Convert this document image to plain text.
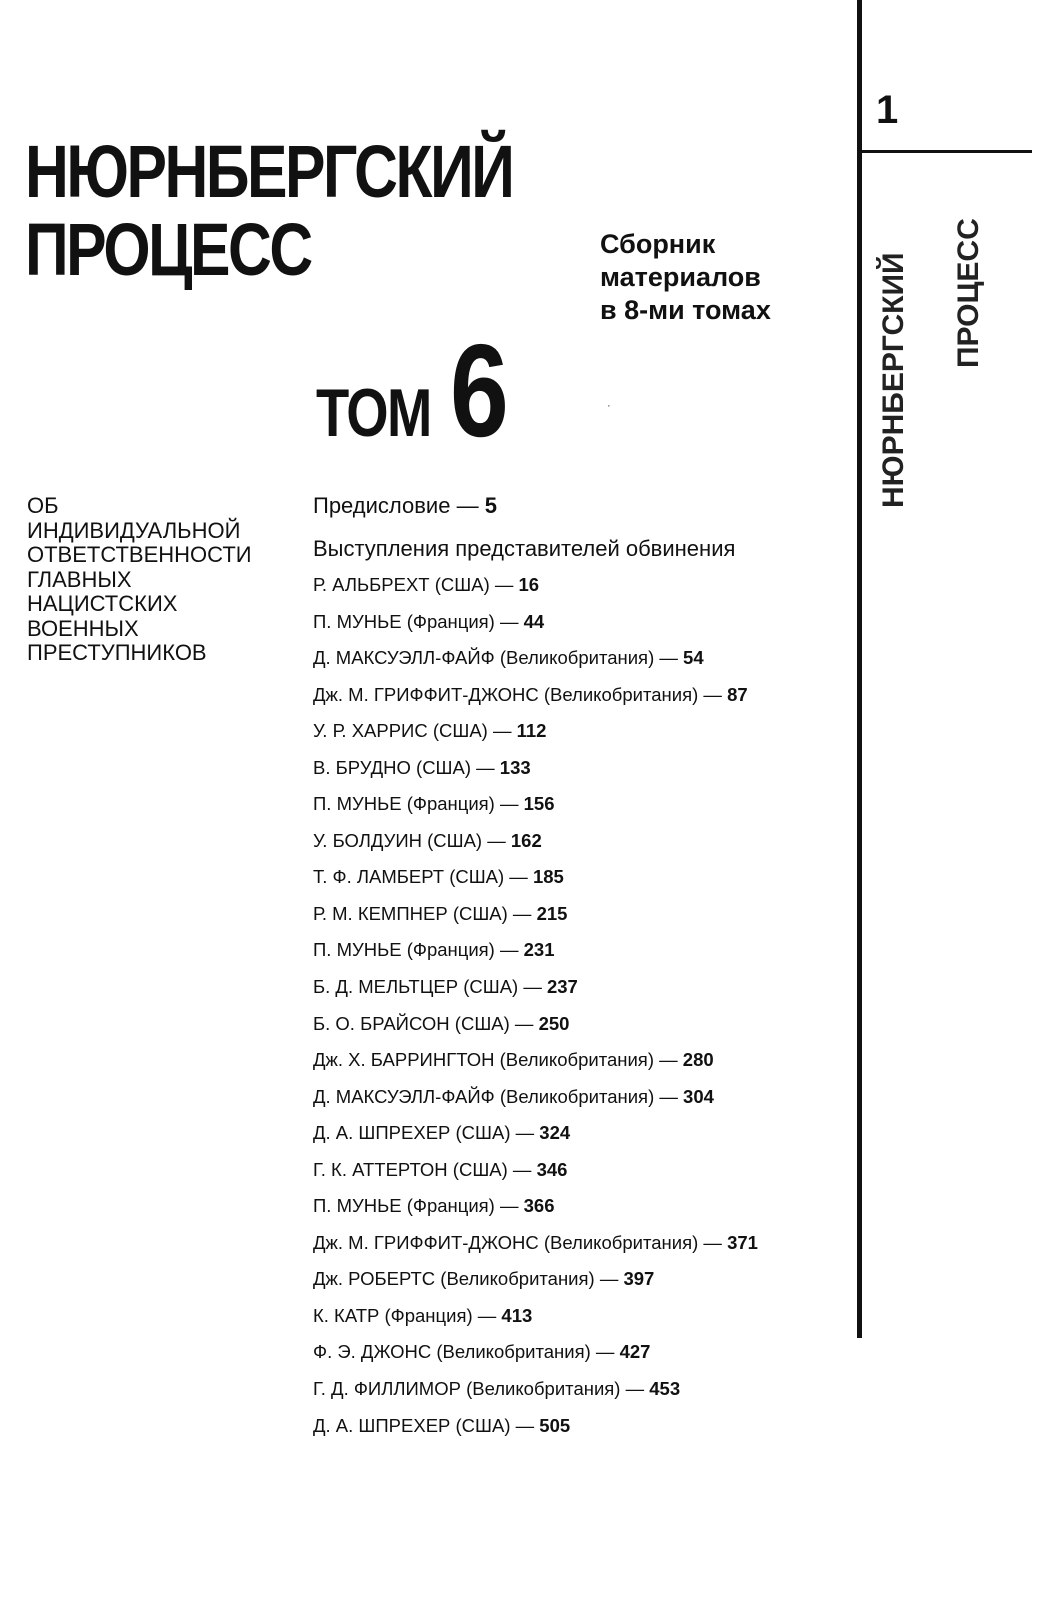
НЮРНБЕРГСКИЙ
ПРОЦЕСС	Сборник
материалов
в 8-ми томах
ТОМ 6	·
ОБ
ИНДИВИДУАЛЬНОЙ
ОТВЕТСТВЕННОСТИ
ГЛАВНЫХ
НАЦИСТСКИХ
ВОЕННЫХ
ПРЕСТУПНИКОВ
Предисловие — 5
Выступления представителей обвинения
Р. АЛЬБРЕХТ (США) — 16
П. МУНЬЕ (Франция) — 44
Д. МАКСУЭЛЛ-ФАЙФ (Великобритания) — 54
Дж. М. ГРИФФИТ-ДЖОНС (Великобритания) — 87
У. Р. ХАРРИС (США) — 112
В. БРУДНО (США) — 133
П. МУНЬЕ (Франция) — 156
У. БОЛДУИН (США) — 162
Т. Ф. ЛАМБЕРТ (США) — 185
Р. М. КЕМПНЕР (США) — 215
П. МУНЬЕ (Франция) — 231
Б. Д. МЕЛЬТЦЕР (США) — 237
Б. О. БРАЙСОН (США) — 250
Дж. Х. БАРРИНГТОН (Великобритания) — 280
Д. МАКСУЭЛЛ-ФАЙФ (Великобритания) — 304
Д. А. ШПРЕХЕР (США) — 324
Г. К. АТТЕРТОН (США) — 346
П. МУНЬЕ (Франция) — 366
Дж. М. ГРИФФИТ-ДЖОНС (Великобритания) — 371
Дж. РОБЕРТС (Великобритания) — 397
К. КАТР (Франция) — 413
Ф. Э. ДЖОНС (Великобритания) — 427
Г. Д. ФИЛЛИМОР (Великобритания) — 453
Д. А. ШПРЕХЕР (США) — 505
1
НЮРНБЕРГСКИЙ ПРОЦЕСС
